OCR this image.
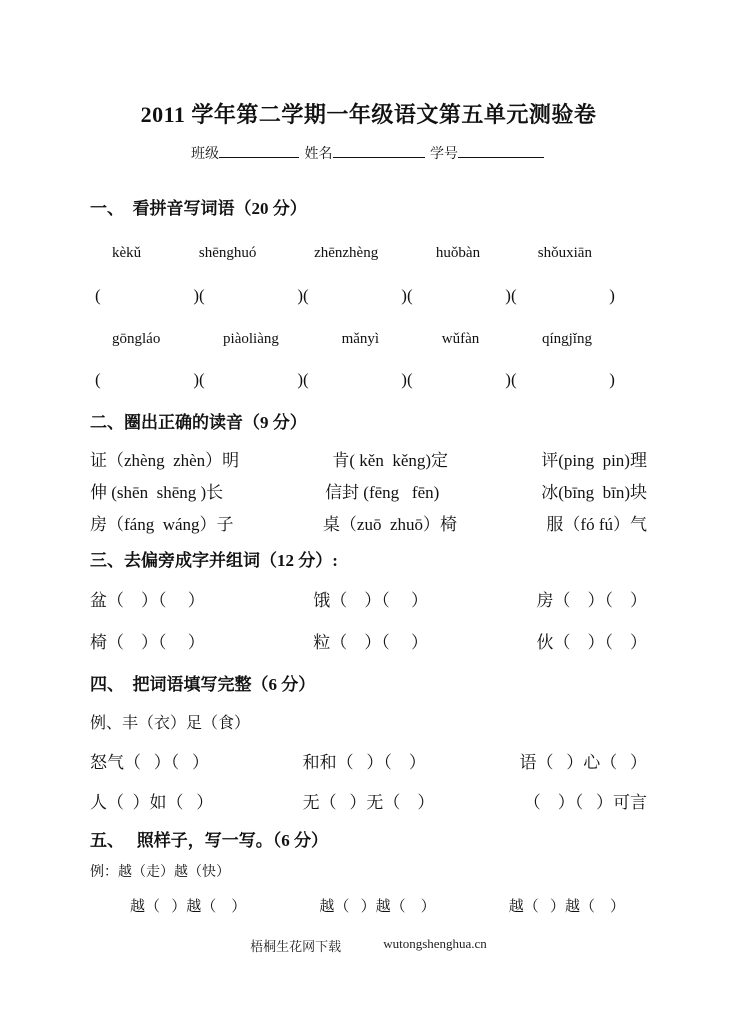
2011 学年第二学期一年级语文第五单元测验卷
班级	姓名	学号
一、  看拼音写词语（20 分）
kèkǔ	shēnghuó	zhēnzhèng	huǒbàn	shǒuxiān
(	)(	)(	)(	)(	)
gōngláo	piàoliàng	mǎnyì	wǔfàn	qíngjǐng
(	)(	)(	)(	)(	)
二、圈出正确的读音（9 分）
证（zhèng  zhèn）明	肯( kěn  kěng)定	评(ping  pin)理
伸 (shēn  shēng )长	信封 (fēng   fēn)	冰(bīng  bīn)块
房（fáng  wáng）子	桌（zuō  zhuō）椅	服（fó fú）气
三、去偏旁成字并组词（12 分）:
盆（    ）（     ）	饿（    ）（     ）	房（    ）（    ）
椅（    ）（     ）	粒（    ）（     ）	伙（    ）（    ）
四、  把词语填写完整（6 分）
例、丰（衣）足（食）
怒气（   ）（   ）	和和（   ）（    ）	语（   ）心（   ）
人（  ）如（   ）	无（   ）无（    ）	（    ）（   ）可言
五、   照样子，写一写。（6 分）
例：越（走）越（快）
越（   ）越（    ）	越（   ）越（    ）	越（   ）越（    ）
梧桐生花网下载	wutongshenghua.cn
